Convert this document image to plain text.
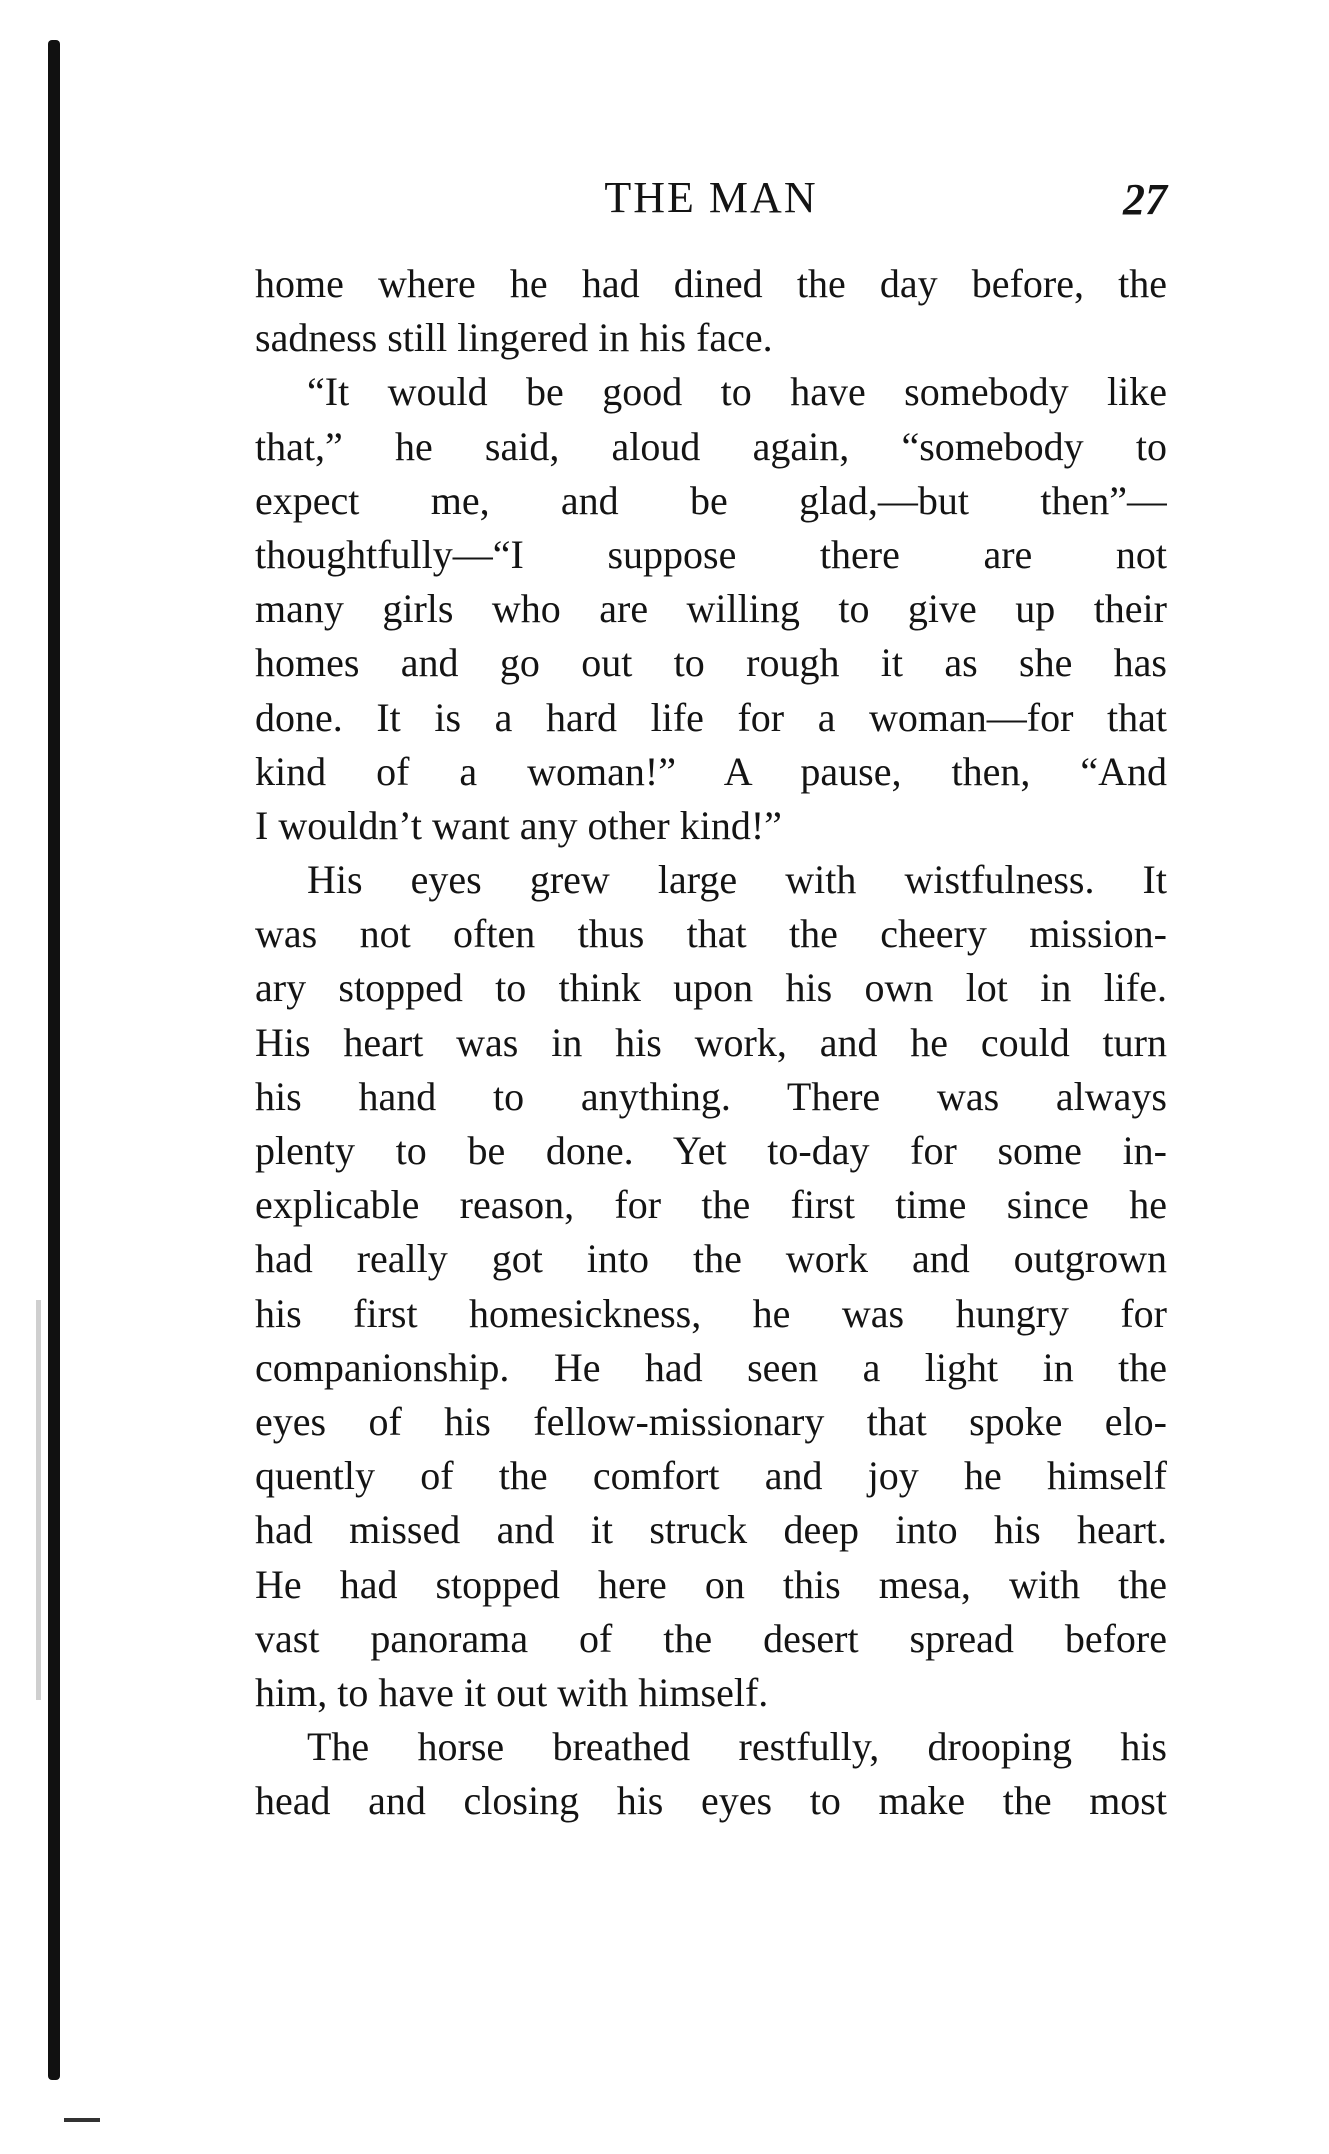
THE MAN	27
home where he had dined the day before, the
sadness still lingered in his face.
“It would be good to have somebody like
that,” he said, aloud again, “somebody to
expect me, and be glad,—but then”—
thoughtfully—“I suppose there are not
many girls who are willing to give up their
homes and go out to rough it as she has
done. It is a hard life for a woman—for that
kind of a woman!” A pause, then, “And
I wouldn’t want any other kind!”
His eyes grew large with wistfulness. It
was not often thus that the cheery mission-
ary stopped to think upon his own lot in life.
His heart was in his work, and he could turn
his hand to anything. There was always
plenty to be done. Yet to-day for some in-
explicable reason, for the first time since he
had really got into the work and outgrown
his first homesickness, he was hungry for
companionship. He had seen a light in the
eyes of his fellow-missionary that spoke elo-
quently of the comfort and joy he himself
had missed and it struck deep into his heart.
He had stopped here on this mesa, with the
vast panorama of the desert spread before
him, to have it out with himself.
The horse breathed restfully, drooping his
head and closing his eyes to make the most
